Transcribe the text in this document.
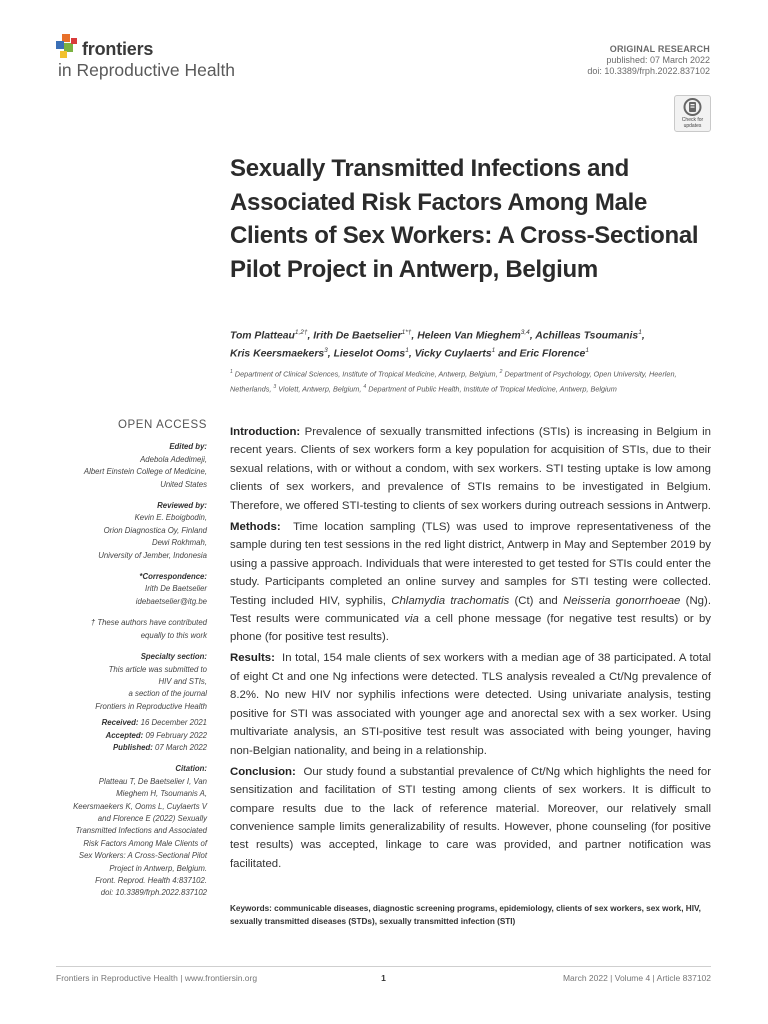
frontiers
in Reproductive Health
ORIGINAL RESEARCH
published: 07 March 2022
doi: 10.3389/frph.2022.837102
Check for updates
Sexually Transmitted Infections and Associated Risk Factors Among Male Clients of Sex Workers: A Cross-Sectional Pilot Project in Antwerp, Belgium
Tom Platteau$^{1,2\dagger}$, Irith De Baetselier$^{1*\dagger}$, Heleen Van Mieghem$^{3,4}$, Achilleas Tsoumanis$^1$,
Kris Keersmaekers$^3$, Lieselot Ooms$^1$, Vicky Cuylaerts$^1$ and Eric Florence$^1$
$^1$ Department of Clinical Sciences, Institute of Tropical Medicine, Antwerp, Belgium, $^2$ Department of Psychology, Open University, Heerlen, Netherlands, $^3$ Violett, Antwerp, Belgium, $^4$ Department of Public Health, Institute of Tropical Medicine, Antwerp, Belgium
OPEN ACCESS
Edited by:
Adebola Adedimeji,
Albert Einstein College of Medicine,
United States
Reviewed by:
Kevin E. Eboigbodin,
Orion Diagnostica Oy, Finland
Dewi Rokhmah,
University of Jember, Indonesia
*Correspondence:
Irith De Baetselier
idebaetselier@itg.be
† These authors have contributed
equally to this work
Specialty section:
This article was submitted to
HIV and STIs,
a section of the journal
Frontiers in Reproductive Health
Received: 16 December 2021
Accepted: 09 February 2022
Published: 07 March 2022
Citation:
Platteau T, De Baetselier I, Van
Mieghem H, Tsoumanis A,
Keersmaekers K, Ooms L, Cuylaerts V
and Florence E (2022) Sexually
Transmitted Infections and Associated
Risk Factors Among Male Clients of
Sex Workers: A Cross-Sectional Pilot
Project in Antwerp, Belgium.
Front. Reprod. Health 4:837102.
doi: 10.3389/frph.2022.837102

Introduction: Prevalence of sexually transmitted infections (STIs) is increasing in Belgium in recent years. Clients of sex workers form a key population for acquisition of STIs, due to their sexual relations, with or without a condom, with sex workers. STI testing uptake is low among clients of sex workers, and prevalence of STIs remains to be investigated in Belgium. Therefore, we offered STI-testing to clients of sex workers during outreach sessions in Antwerp.

Methods: Time location sampling (TLS) was used to improve representativeness of the sample during ten test sessions in the red light district, Antwerp in May and September 2019 by using a passive approach. Individuals that were interested to get tested for STIs could enter the study. Participants completed an online survey and samples for STI testing were collected. Testing included HIV, syphilis, Chlamydia trachomatis (Ct) and Neisseria gonorrhoeae (Ng). Test results were communicated via a cell phone message (for negative test results) or by phone (for positive test results).

Results: In total, 154 male clients of sex workers with a median age of 38 participated. A total of eight Ct and one Ng infections were detected. TLS analysis revealed a Ct/Ng prevalence of 8.2%. No new HIV nor syphilis infections were detected. Using univariate analysis, testing positive for STI was associated with younger age and anorectal sex with a sex worker. Using multivariate analysis, an STI-positive test result was associated with being younger, having non-Belgian nationality, and being in a relationship.

Conclusion: Our study found a substantial prevalence of Ct/Ng which highlights the need for sensitization and facilitation of STI testing among clients of sex workers. It is difficult to compare results due to the lack of reference material. Moreover, our relatively small convenience sample limits generalizability of results. However, phone counseling (for positive test results) was accepted, linkage to care was provided, and partner notification was facilitated.

Keywords: communicable diseases, diagnostic screening programs, epidemiology, clients of sex workers, sex work, HIV, sexually transmitted diseases (STDs), sexually transmitted infection (STI)
Frontiers in Reproductive Health | www.frontiersin.org	1	March 2022 | Volume 4 | Article 837102
